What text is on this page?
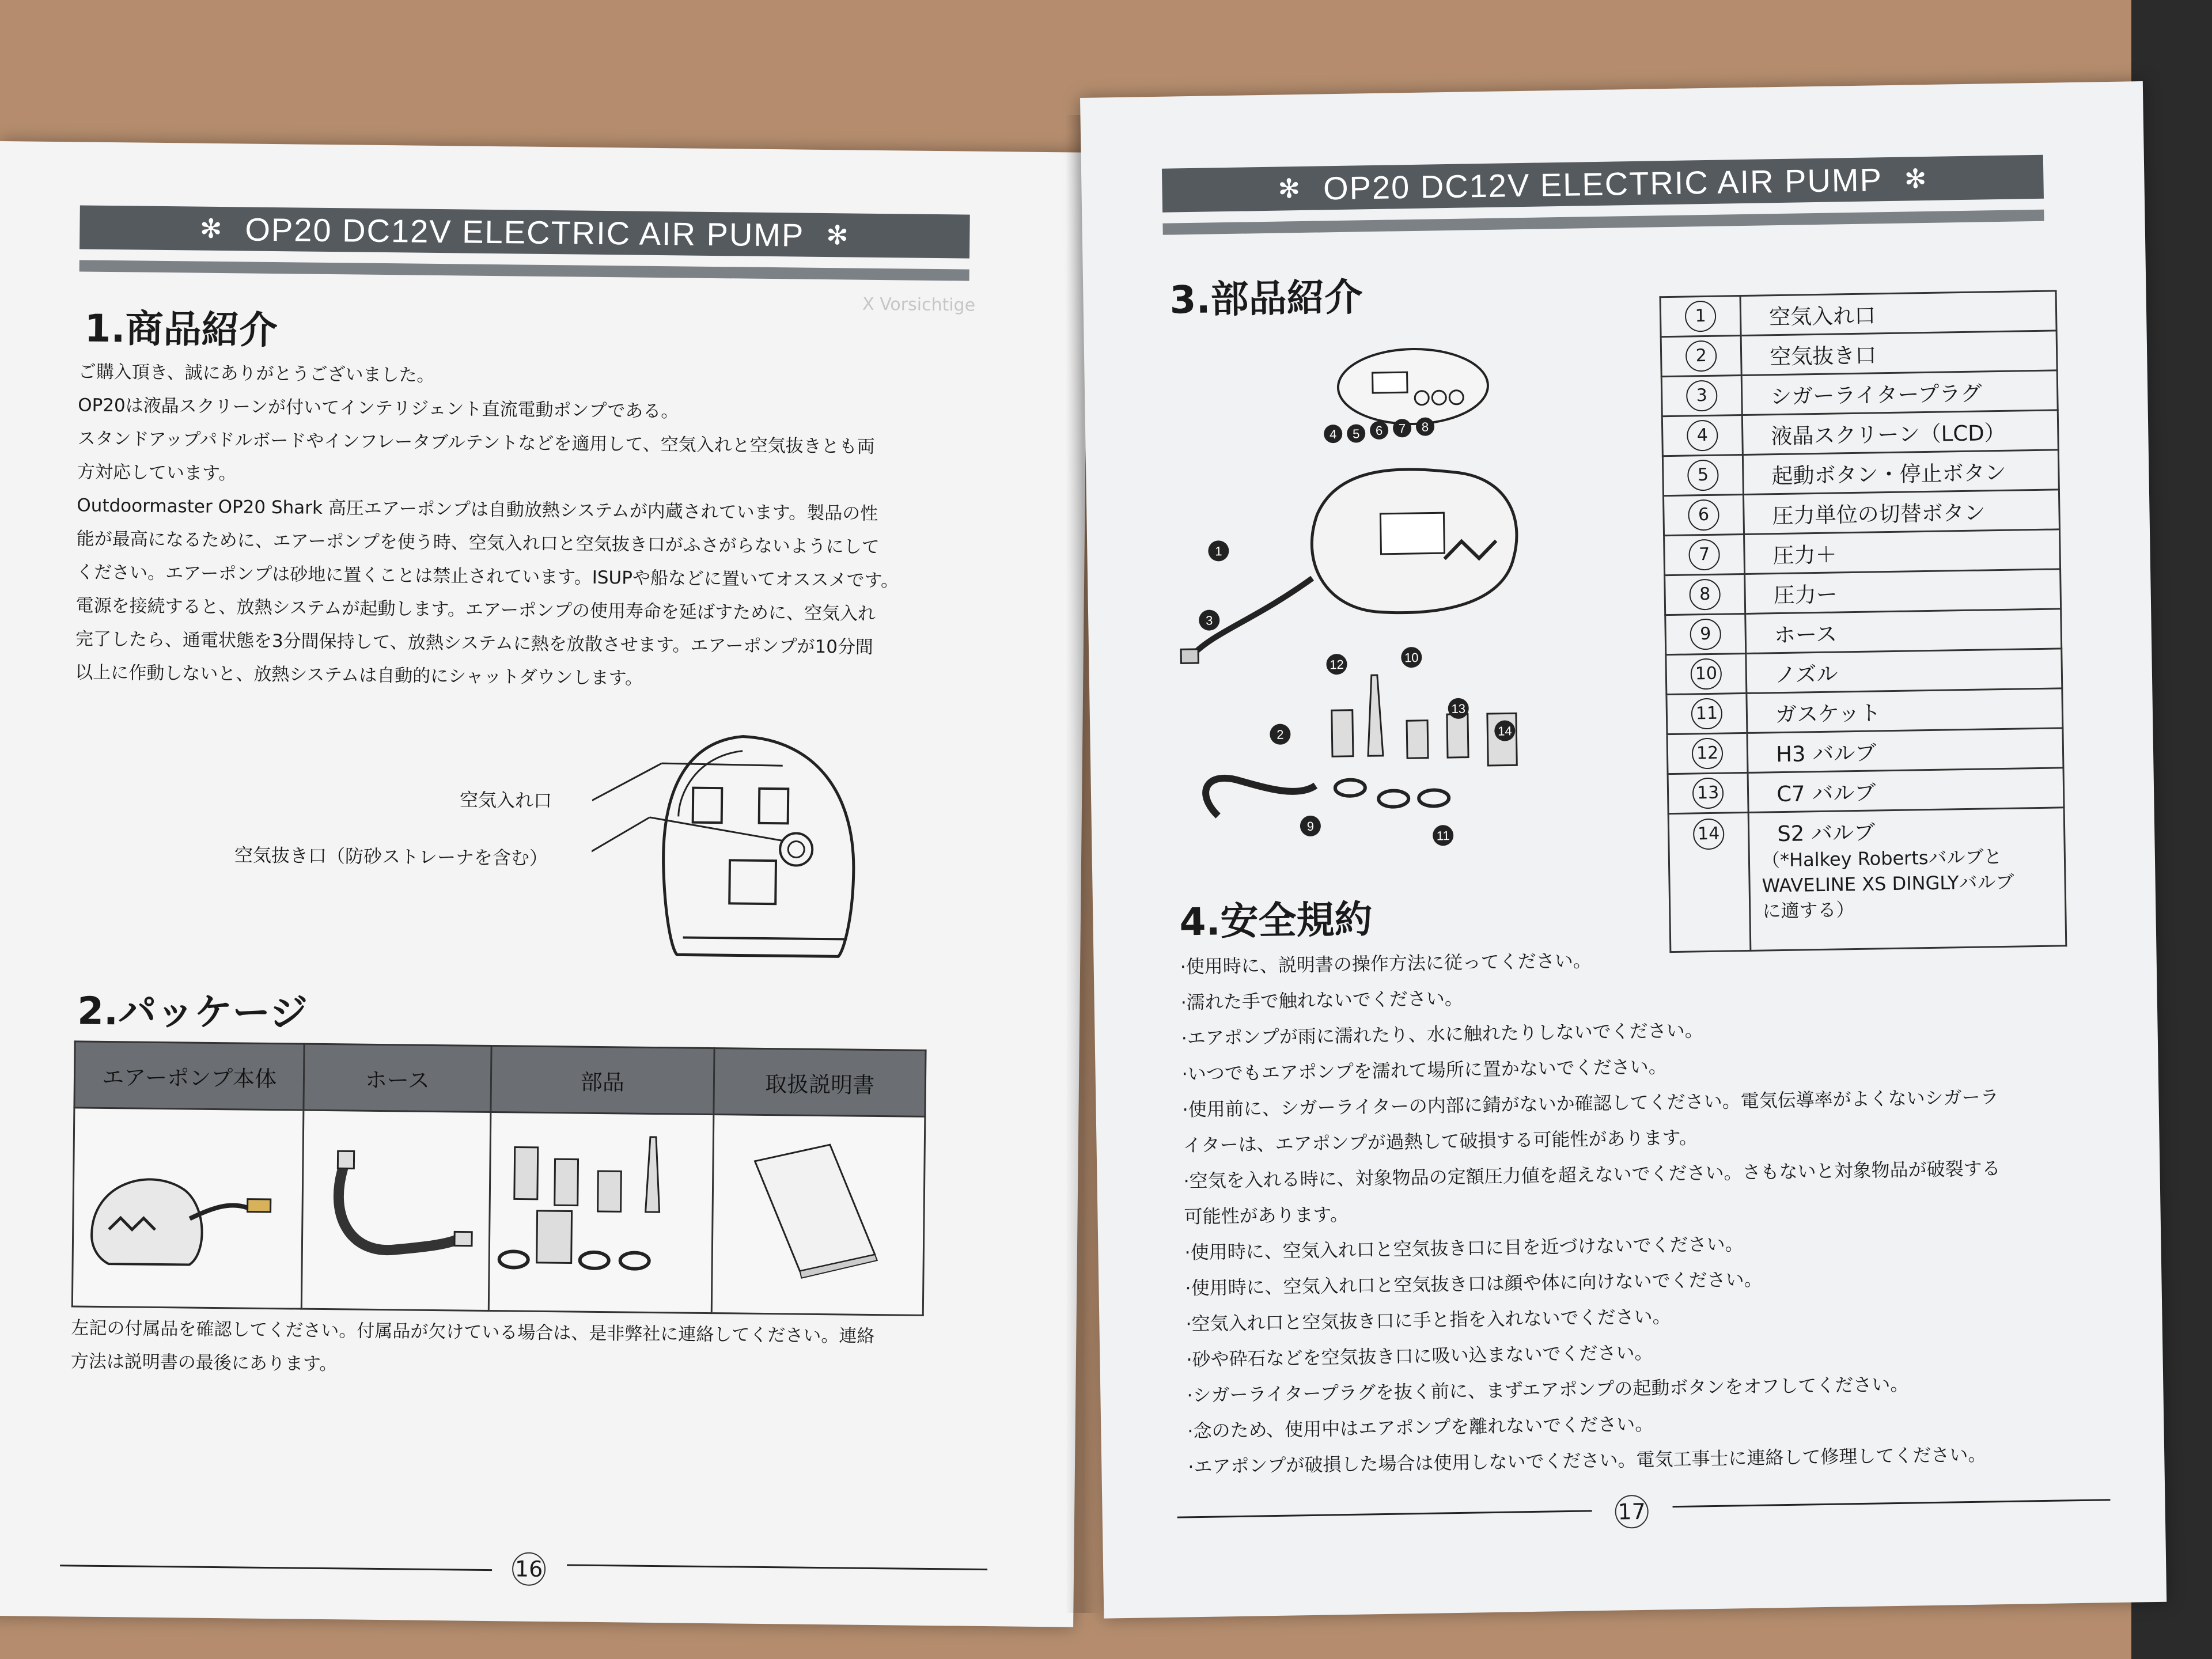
✻ OP20 DC12V ELECTRIC AIR PUMP ✻
1.商品紹介

ご購入頂き、誠にありがとうございました。

OP20は液晶スクリーンが付いてインテリジェント直流電動ポンプである。

スタンドアップパドルボードやインフレータブルテントなどを適用して、空気入れと空気抜きとも両

方対応しています。

Outdoormaster OP20 Shark 高圧エアーポンプは自動放熱システムが内蔵されています。製品の性

能が最高になるために、エアーポンプを使う時、空気入れ口と空気抜き口がふさがらないようにして

ください。エアーポンプは砂地に置くことは禁止されています。ISUPや船などに置いてオススメです。

電源を接続すると、放熱システムが起動します。エアーポンプの使用寿命を延ばすために、空気入れ

完了したら、通電状態を3分間保持して、放熱システムに熱を放散させます。エアーポンプが10分間

以上に作動しないと、放熱システムは自動的にシャットダウンします。

空気入れ口
空気抜き口（防砂ストレーナを含む）
2.パッケージ
エアーポンプ本体	ホース	部品	取扱説明書

左記の付属品を確認してください。付属品が欠けている場合は、是非弊社に連絡してください。連絡

方法は説明書の最後にあります。

X Vorsichtige
16
✻ OP20 DC12V ELECTRIC AIR PUMP ✻
3.部品紹介
1
2
3
4 5 6 7 8
9
10
11
12
13
14
1	空気入れ口
2	空気抜き口
3	シガーライタープラグ
4	液晶スクリーン（LCD）
5	起動ボタン・停止ボタン
6	圧力単位の切替ボタン
7	圧力＋
8	圧力ー
9	ホース
10	ノズル
11	ガスケット
12	H3 バルブ
13	C7 バルブ
14	S2 バルブ
（*Halkey Robertsバルブと
WAVELINE XS DINGLYバルブ
に適する）
4.安全規約
·使用時に、説明書の操作方法に従ってください。
·濡れた手で触れないでください。
·エアポンプが雨に濡れたり、水に触れたりしないでください。
·いつでもエアポンプを濡れて場所に置かないでください。
·使用前に、シガーライターの内部に錆がないか確認してください。電気伝導率がよくないシガーラ
イターは、エアポンプが過熱して破損する可能性があります。
·空気を入れる時に、対象物品の定額圧力値を超えないでください。さもないと対象物品が破裂する
可能性があります。
·使用時に、空気入れ口と空気抜き口に目を近づけないでください。
·使用時に、空気入れ口と空気抜き口は顔や体に向けないでください。
·空気入れ口と空気抜き口に手と指を入れないでください。
·砂や砕石などを空気抜き口に吸い込まないでください。
·シガーライタープラグを抜く前に、まずエアポンプの起動ボタンをオフしてください。
·念のため、使用中はエアポンプを離れないでください。
·エアポンプが破損した場合は使用しないでください。電気工事士に連絡して修理してください。
17
